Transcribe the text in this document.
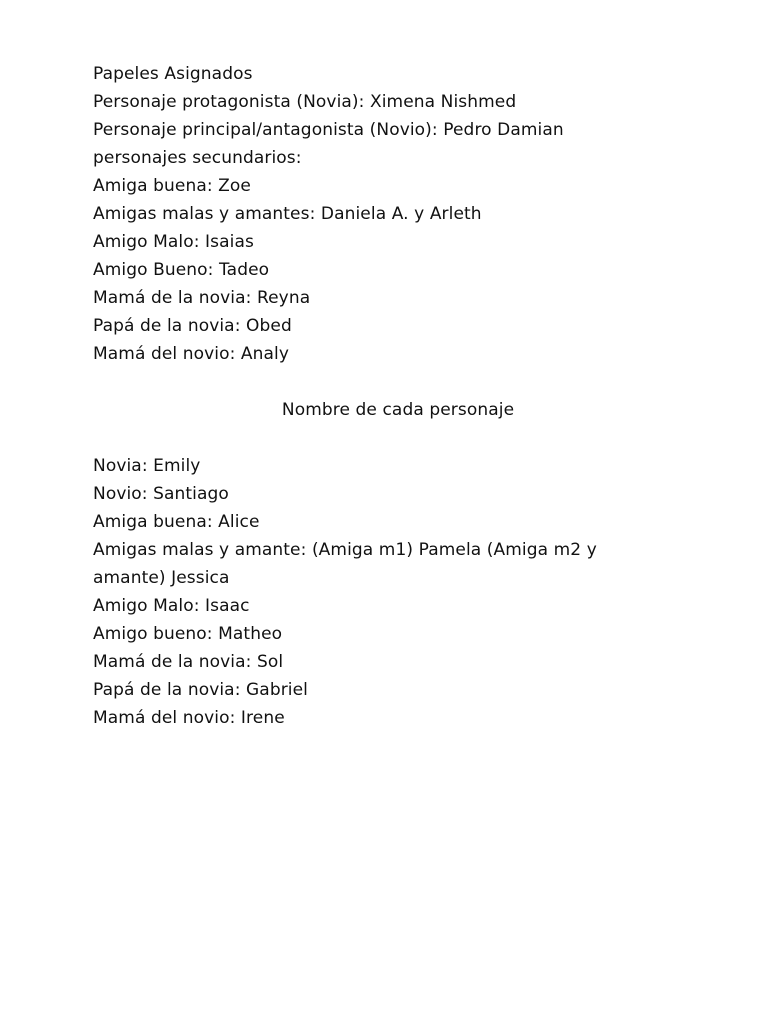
Papeles Asignados

Personaje protagonista (Novia): Ximena Nishmed

Personaje principal/antagonista (Novio): Pedro Damian

personajes secundarios:

Amiga buena: Zoe

Amigas malas y amantes: Daniela A. y Arleth

Amigo Malo: Isaias

Amigo Bueno: Tadeo

Mamá de la novia: Reyna

Papá de la novia: Obed

Mamá del novio: Analy

Nombre de cada personaje

Novia: Emily

Novio: Santiago

Amiga buena: Alice

Amigas malas y amante: (Amiga m1) Pamela (Amiga m2 y amante) Jessica

Amigo Malo: Isaac

Amigo bueno: Matheo

Mamá de la novia: Sol

Papá de la novia: Gabriel

Mamá del novio: Irene
